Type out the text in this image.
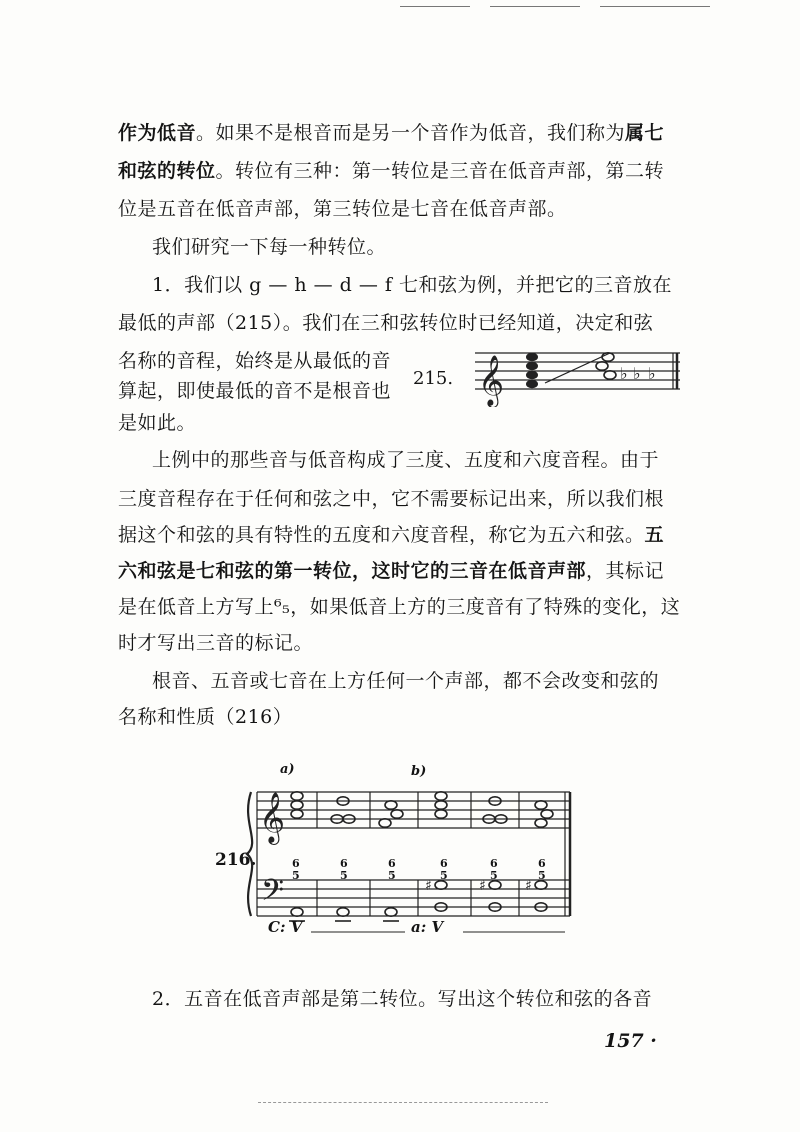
作为低音。如果不是根音而是另一个音作为低音，我们称为属七
和弦的转位。转位有三种：第一转位是三音在低音声部，第二转
位是五音在低音声部，第三转位是七音在低音声部。
我们研究一下每一种转位。
1．我们以 g — h — d — f 七和弦为例，并把它的三音放在
最低的声部（215）。我们在三和弦转位时已经知道，决定和弦
名称的音程，始终是从最低的音
算起，即使最低的音不是根音也
是如此。
上例中的那些音与低音构成了三度、五度和六度音程。由于
三度音程存在于任何和弦之中，它不需要标记出来，所以我们根
据这个和弦的具有特性的五度和六度音程，称它为五六和弦。五
六和弦是七和弦的第一转位，这时它的三音在低音声部，其标记
是在低音上方写上⁶₅，如果低音上方的三度音有了特殊的变化，这
时才写出三音的标记。
根音、五音或七音在上方任何一个声部，都不会改变和弦的
名称和性质（216）
2．五音在低音声部是第二转位。写出这个转位和弦的各音
215. 𝄞	♭ ♭ ♭
216.
𝄞
𝄢	♯	♯	♯
a)	b)
6
5
6
5
6
5
6
5
6
5
6
5
C: V	a: V
157 ·
